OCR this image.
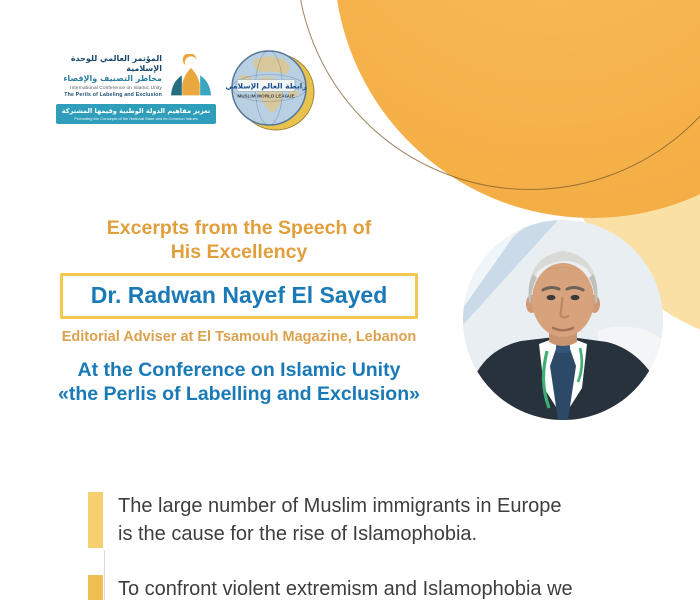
المؤتمر العالمي للوحدة الإسلامية
مخاطر التصنيف والإقصاء
International Conference on Islamic Unity
The Perils of Labeling and Exclusion
تعزيز مفاهيم الدولة الوطنية وقيمها المشتركة
Promoting the Concepts of the National State and its Common Values
رابطة العالم الإسلامي
MUSLIM WORLD LEAGUE
Excerpts from the Speech of
His Excellency
Dr. Radwan Nayef El Sayed
Editorial Adviser at El Tsamouh Magazine, Lebanon
At the Conference on Islamic Unity
«the Perlis of Labelling and Exclusion»
The large number of Muslim immigrants in Europe is the cause for the rise of Islamophobia.
To confront violent extremism and Islamophobia we
